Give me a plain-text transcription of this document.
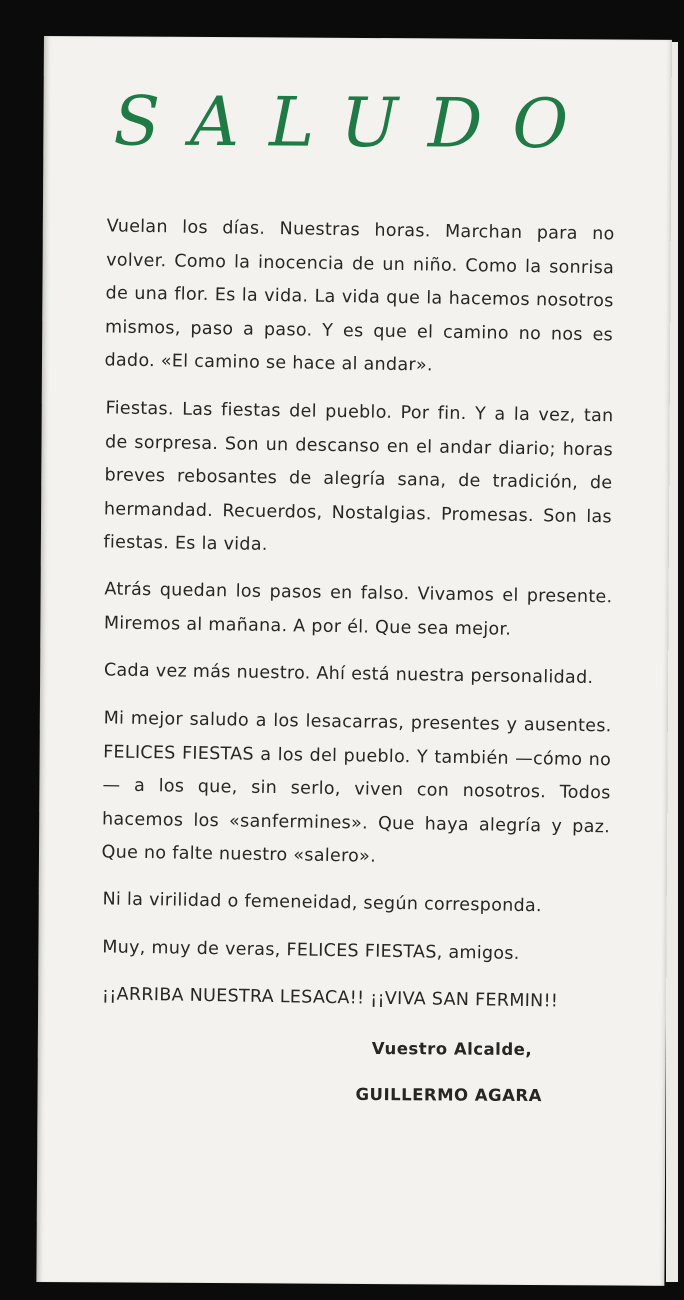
SALUDO

Vuelan los días. Nuestras horas. Marchan para no volver. Como la inocencia de un niño. Como la sonrisa de una flor. Es la vida. La vida que la hacemos nosotros mismos, paso a paso. Y es que el camino no nos es dado. «El camino se hace al andar».

Fiestas. Las fiestas del pueblo. Por fin. Y a la vez, tan de sorpresa. Son un descanso en el andar diario; horas breves rebosantes de alegría sana, de tradición, de hermandad. Recuerdos, Nostalgias. Promesas. Son las fiestas. Es la vida.

Atrás quedan los pasos en falso. Vivamos el presente. Miremos al mañana. A por él. Que sea mejor.

Cada vez más nuestro. Ahí está nuestra personalidad.

Mi mejor saludo a los lesacarras, presentes y ausentes. FELICES FIESTAS a los del pueblo. Y también —cómo no— a los que, sin serlo, viven con nosotros. Todos hacemos los «sanfermines». Que haya alegría y paz. Que no falte nuestro «salero».

Ni la virilidad o femeneidad, según corresponda.

Muy, muy de veras, FELICES FIESTAS, amigos.

¡¡ARRIBA NUESTRA LESACA!! ¡¡VIVA SAN FERMIN!!

Vuestro Alcalde,
GUILLERMO AGARA
